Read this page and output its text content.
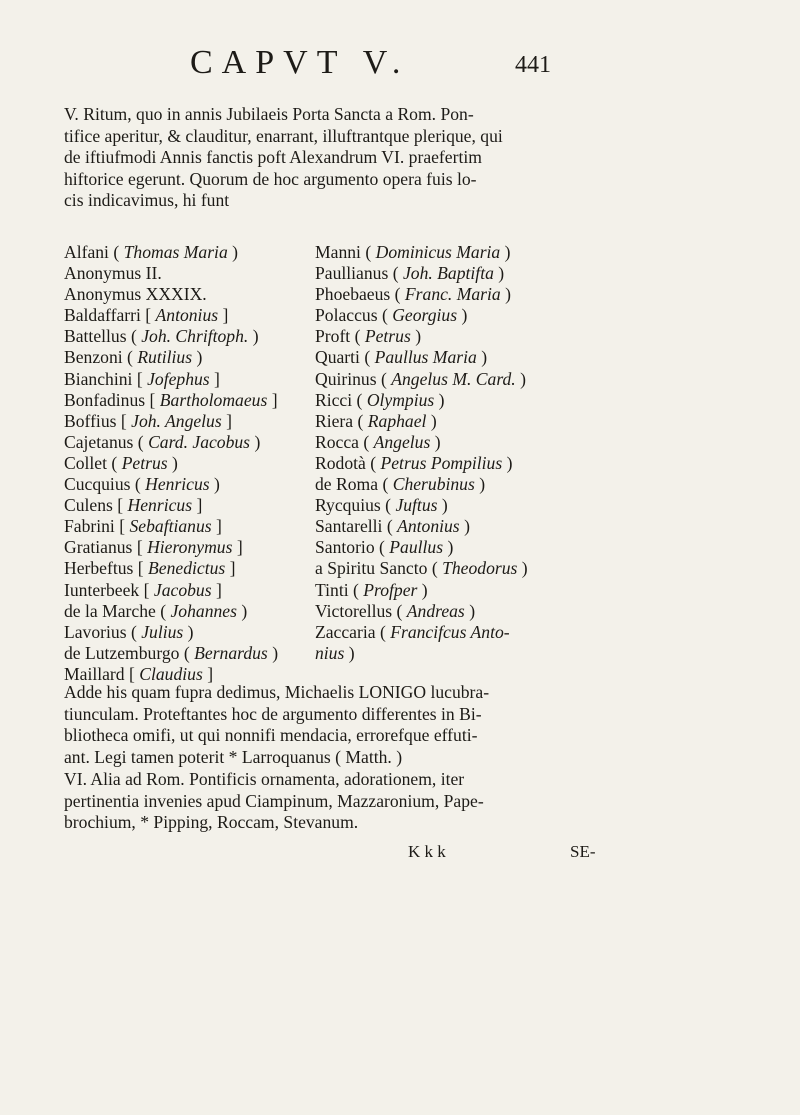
CAPVT V.	441
V. Ritum, quo in annis Jubilaeis Porta Sancta a Rom. Pon-
tifice aperitur, & clauditur, enarrant, illuftrantque plerique, qui
de iftiufmodi Annis fanctis poft Alexandrum VI. praefertim
hiftorice egerunt. Quorum de hoc argumento opera fuis lo-
cis indicavimus, hi funt
Alfani ( Thomas Maria )
Anonymus II.
Anonymus XXXIX.
Baldaffarri [ Antonius ]
Battellus ( Joh. Chriftoph. )
Benzoni ( Rutilius )
Bianchini [ Jofephus ]
Bonfadinus [ Bartholomaeus ]
Boffius [ Joh. Angelus ]
Cajetanus ( Card. Jacobus )
Collet ( Petrus )
Cucquius ( Henricus )
Culens [ Henricus ]
Fabrini [ Sebaftianus ]
Gratianus [ Hieronymus ]
Herbeftus [ Benedictus ]
Iunterbeek [ Jacobus ]
de la Marche ( Johannes )
Lavorius ( Julius )
de Lutzemburgo ( Bernardus )
Maillard [ Claudius ]
Manni ( Dominicus Maria )
Paullianus ( Joh. Baptifta )
Phoebaeus ( Franc. Maria )
Polaccus ( Georgius )
Proft ( Petrus )
Quarti ( Paullus Maria )
Quirinus ( Angelus M. Card. )
Ricci ( Olympius )
Riera ( Raphael )
Rocca ( Angelus )
Rodotà ( Petrus Pompilius )
de Roma ( Cherubinus )
Rycquius ( Juftus )
Santarelli ( Antonius )
Santorio ( Paullus )
a Spiritu Sancto ( Theodorus )
Tinti ( Profper )
Victorellus ( Andreas )
Zaccaria ( Francifcus Anto-
nius )
Adde his quam fupra dedimus, Michaelis LONIGO lucubra-
tiunculam. Proteftantes hoc de argumento differentes in Bi-
bliotheca omifi, ut qui nonnifi mendacia, errorefque effuti-
ant. Legi tamen poterit * Larroquanus ( Matth. )
VI. Alia ad Rom. Pontificis ornamenta, adorationem, iter
pertinentia invenies apud Ciampinum, Mazzaronium, Pape-
brochium, * Pipping, Roccam, Stevanum.
K k k	SE-
